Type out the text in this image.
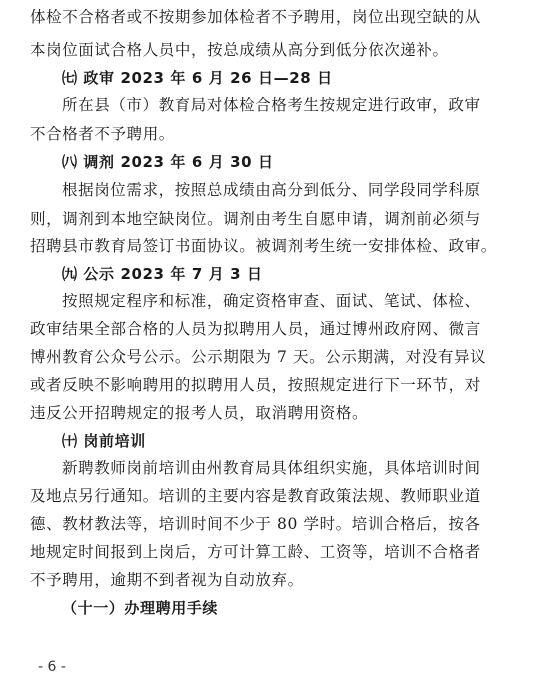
体检不合格者或不按期参加体检者不予聘用，岗位出现空缺的从
本岗位面试合格人员中，按总成绩从高分到低分依次递补。
㈦ 政审 2023 年 6 月 26 日—28 日
所在县（市）教育局对体检合格考生按规定进行政审，政审
不合格者不予聘用。
㈧ 调剂 2023 年 6 月 30 日
根据岗位需求，按照总成绩由高分到低分、同学段同学科原
则，调剂到本地空缺岗位。调剂由考生自愿申请，调剂前必须与
招聘县市教育局签订书面协议。被调剂考生统一安排体检、政审。
㈨ 公示 2023 年 7 月 3 日
按照规定程序和标准，确定资格审查、面试、笔试、体检、
政审结果全部合格的人员为拟聘用人员，通过博州政府网、微言
博州教育公众号公示。公示期限为 7 天。公示期满，对没有异议
或者反映不影响聘用的拟聘用人员，按照规定进行下一环节，对
违反公开招聘规定的报考人员，取消聘用资格。
㈩ 岗前培训
新聘教师岗前培训由州教育局具体组织实施，具体培训时间
及地点另行通知。培训的主要内容是教育政策法规、教师职业道
德、教材教法等，培训时间不少于 80 学时。培训合格后，按各
地规定时间报到上岗后，方可计算工龄、工资等，培训不合格者
不予聘用，逾期不到者视为自动放弃。
（十一）办理聘用手续
- 6 -
